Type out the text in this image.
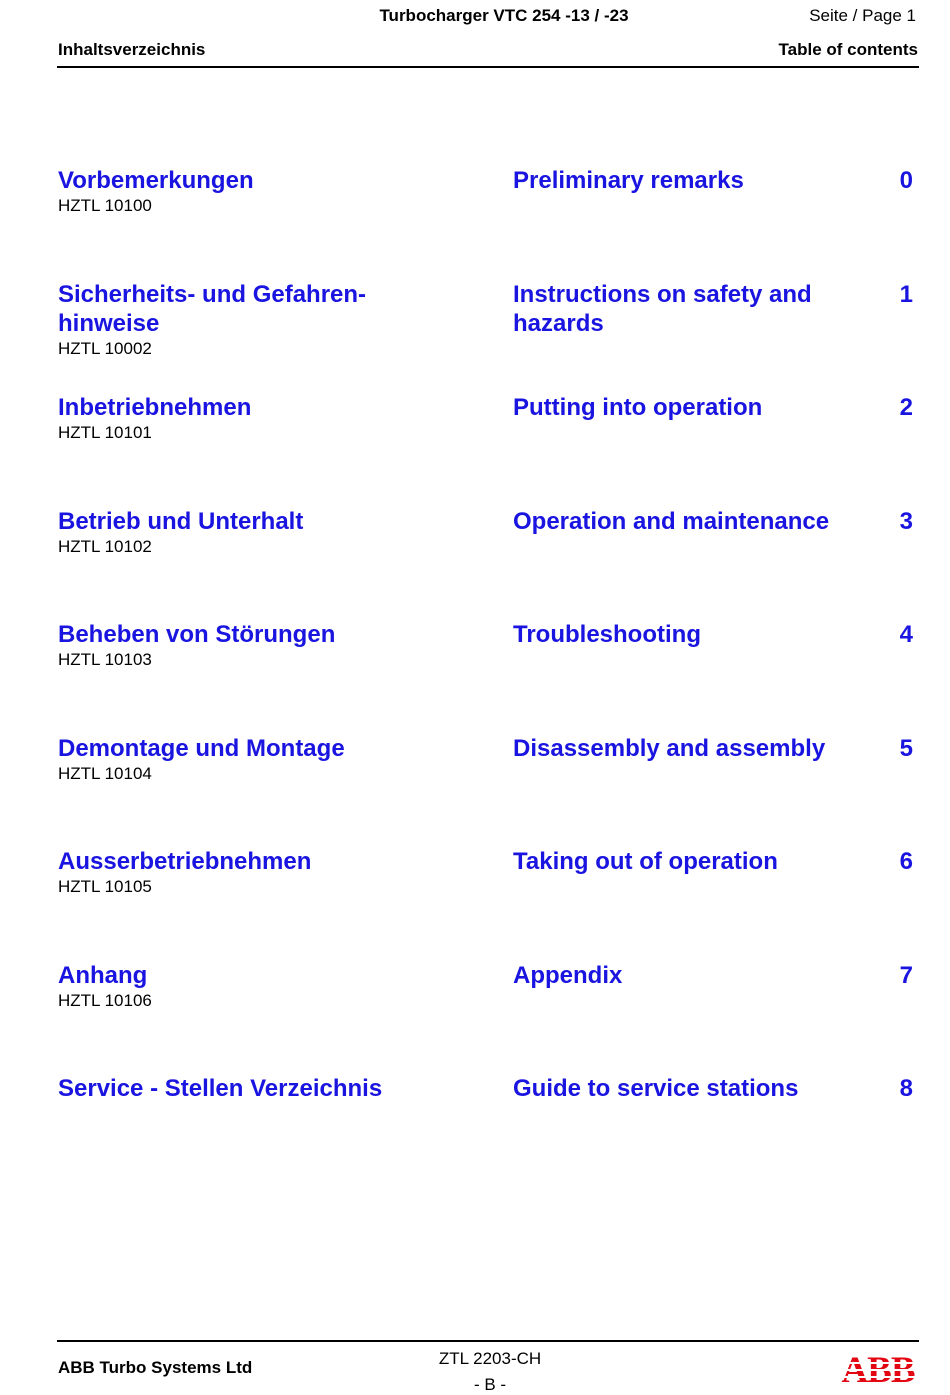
Turbocharger VTC 254 -13 / -23	Seite / Page 1
Inhaltsverzeichnis	Table of contents
Vorbemerkungen
HZTL 10100
Preliminary remarks	0
Sicherheits- und Gefahren-
hinweise
HZTL 10002
Instructions on safety and
hazards
1
Inbetriebnehmen
HZTL 10101
Putting into operation	2
Betrieb und Unterhalt
HZTL 10102
Operation and maintenance	3
Beheben von Störungen
HZTL 10103
Troubleshooting	4
Demontage und Montage
HZTL 10104
Disassembly and assembly	5
Ausserbetriebnehmen
HZTL 10105
Taking out of operation	6
Anhang
HZTL 10106
Appendix	7
Service - Stellen Verzeichnis	Guide to service stations	8
ABB Turbo Systems Ltd	ZTL 2203-CH
- B -
